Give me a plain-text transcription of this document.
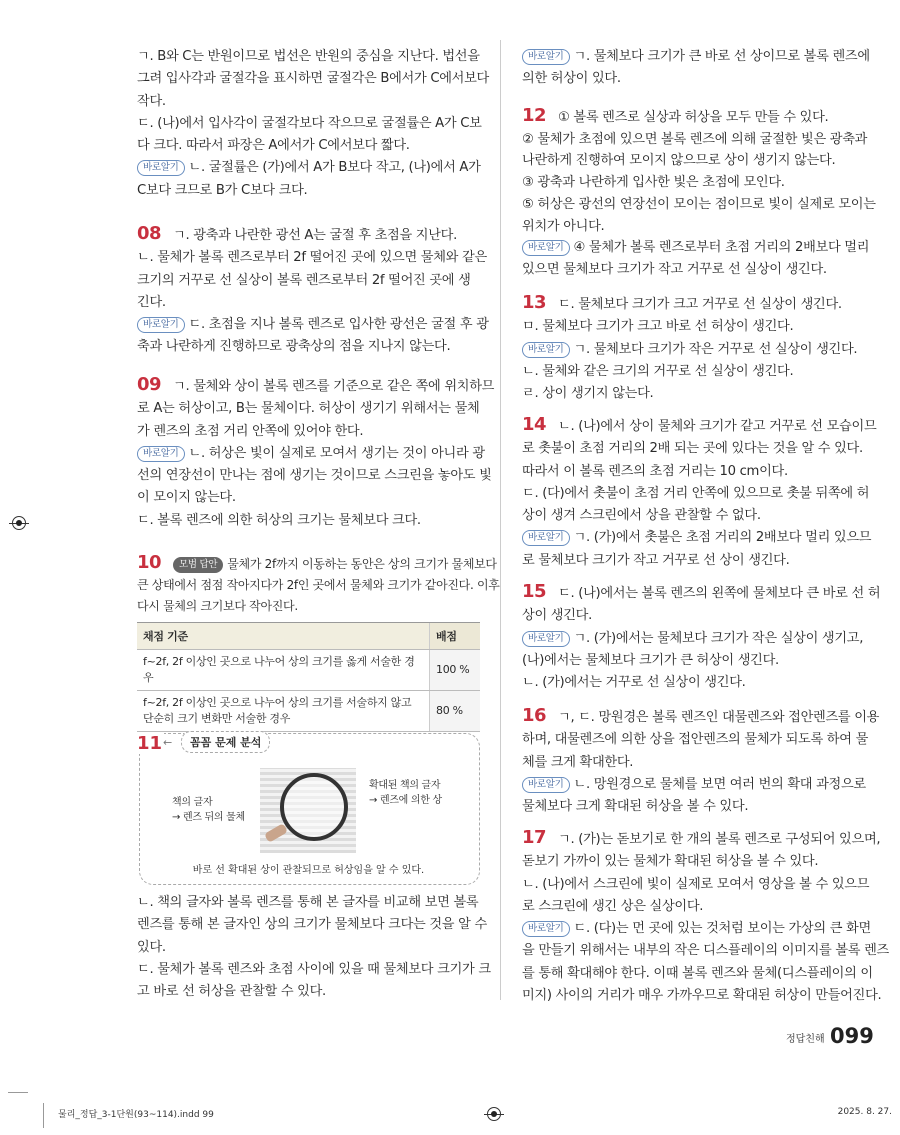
ㄱ. B와 C는 반원이므로 법선은 반원의 중심을 지난다. 법선을
그려 입사각과 굴절각을 표시하면 굴절각은 B에서가 C에서보다
작다.
ㄷ. (나)에서 입사각이 굴절각보다 작으므로 굴절률은 A가 C보
다 크다. 따라서 파장은 A에서가 C에서보다 짧다.
바로알기 ㄴ. 굴절률은 (가)에서 A가 B보다 작고, (나)에서 A가
C보다 크므로 B가 C보다 크다.
08 ㄱ. 광축과 나란한 광선 A는 굴절 후 초점을 지난다.
ㄴ. 물체가 볼록 렌즈로부터 2f 떨어진 곳에 있으면 물체와 같은
크기의 거꾸로 선 실상이 볼록 렌즈로부터 2f 떨어진 곳에 생
긴다.
바로알기 ㄷ. 초점을 지나 볼록 렌즈로 입사한 광선은 굴절 후 광
축과 나란하게 진행하므로 광축상의 점을 지나지 않는다.
09 ㄱ. 물체와 상이 볼록 렌즈를 기준으로 같은 쪽에 위치하므
로 A는 허상이고, B는 물체이다. 허상이 생기기 위해서는 물체
가 렌즈의 초점 거리 안쪽에 있어야 한다.
바로알기 ㄴ. 허상은 빛이 실제로 모여서 생기는 것이 아니라 광
선의 연장선이 만나는 점에 생기는 것이므로 스크린을 놓아도 빛
이 모이지 않는다.
ㄷ. 볼록 렌즈에 의한 허상의 크기는 물체보다 크다.
10 모범 답안 물체가 2f까지 이동하는 동안은 상의 크기가 물체보다
큰 상태에서 점점 작아지다가 2f인 곳에서 물체와 크기가 같아진다. 이후
다시 물체의 크기보다 작아진다.
ㄴ. 책의 글자와 볼록 렌즈를 통해 본 글자를 비교해 보면 볼록
렌즈를 통해 본 글자인 상의 크기가 물체보다 크다는 것을 알 수
있다.
ㄷ. 물체가 볼록 렌즈와 초점 사이에 있을 때 물체보다 크기가 크
고 바로 선 허상을 관찰할 수 있다.
바로알기 ㄱ. 물체보다 크기가 큰 바로 선 상이므로 볼록 렌즈에
의한 허상이 있다.
12 ① 볼록 렌즈로 실상과 허상을 모두 만들 수 있다.
② 물체가 초점에 있으면 볼록 렌즈에 의해 굴절한 빛은 광축과
나란하게 진행하여 모이지 않으므로 상이 생기지 않는다.
③ 광축과 나란하게 입사한 빛은 초점에 모인다.
⑤ 허상은 광선의 연장선이 모이는 점이므로 빛이 실제로 모이는
위치가 아니다.
바로알기 ④ 물체가 볼록 렌즈로부터 초점 거리의 2배보다 멀리
있으면 물체보다 크기가 작고 거꾸로 선 실상이 생긴다.
13 ㄷ. 물체보다 크기가 크고 거꾸로 선 실상이 생긴다.
ㅁ. 물체보다 크기가 크고 바로 선 허상이 생긴다.
바로알기 ㄱ. 물체보다 크기가 작은 거꾸로 선 실상이 생긴다.
ㄴ. 물체와 같은 크기의 거꾸로 선 실상이 생긴다.
ㄹ. 상이 생기지 않는다.
14 ㄴ. (나)에서 상이 물체와 크기가 같고 거꾸로 선 모습이므
로 촛불이 초점 거리의 2배 되는 곳에 있다는 것을 알 수 있다.
따라서 이 볼록 렌즈의 초점 거리는 10 cm이다.
ㄷ. (다)에서 촛불이 초점 거리 안쪽에 있으므로 촛불 뒤쪽에 허
상이 생겨 스크린에서 상을 관찰할 수 없다.
바로알기 ㄱ. (가)에서 촛불은 초점 거리의 2배보다 멀리 있으므
로 물체보다 크기가 작고 거꾸로 선 상이 생긴다.
15 ㄷ. (나)에서는 볼록 렌즈의 왼쪽에 물체보다 큰 바로 선 허
상이 생긴다.
바로알기 ㄱ. (가)에서는 물체보다 크기가 작은 실상이 생기고,
(나)에서는 물체보다 크기가 큰 허상이 생긴다.
ㄴ. (가)에서는 거꾸로 선 실상이 생긴다.
16 ㄱ, ㄷ. 망원경은 볼록 렌즈인 대물렌즈와 접안렌즈를 이용
하며, 대물렌즈에 의한 상을 접안렌즈의 물체가 되도록 하여 물
체를 크게 확대한다.
바로알기 ㄴ. 망원경으로 물체를 보면 여러 번의 확대 과정으로
물체보다 크게 확대된 허상을 볼 수 있다.
17 ㄱ. (가)는 돋보기로 한 개의 볼록 렌즈로 구성되어 있으며,
돋보기 가까이 있는 물체가 확대된 허상을 볼 수 있다.
ㄴ. (나)에서 스크린에 빛이 실제로 모여서 영상을 볼 수 있으므
로 스크린에 생긴 상은 실상이다.
바로알기 ㄷ. (다)는 먼 곳에 있는 것처럼 보이는 가상의 큰 화면
을 만들기 위해서는 내부의 작은 디스플레이의 이미지를 볼록 렌즈
를 통해 확대해야 한다. 이때 볼록 렌즈와 물체(디스플레이의 이
미지) 사이의 거리가 매우 가까우므로 확대된 허상이 만들어진다.
채점 기준	배점
f~2f, 2f 이상인 곳으로 나누어 상의 크기를 옳게 서술한 경우	100 %
f~2f, 2f 이상인 곳으로 나누어 상의 크기를 서술하지 않고 단순히 크기 변화만 서술한 경우	80 %
11 ←	꼼꼼 문제 분석
책의 글자
→ 렌즈 뒤의 물체
확대된 책의 글자
→ 렌즈에 의한 상
바로 선 확대된 상이 관찰되므로 허상임을 알 수 있다.
정답친해 099
물리_정답_3-1단원(93~114).indd 99	2025. 8. 27.
